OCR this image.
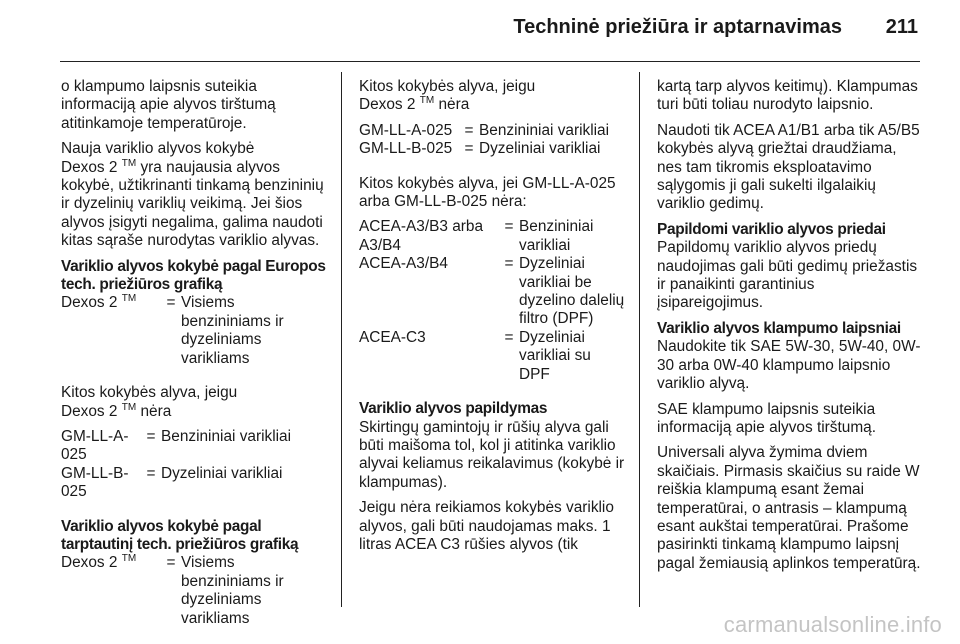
Techninė priežiūra ir aptarnavimas 211

o klampumo laipsnis suteikia informaciją apie alyvos tirštumą atitinkamoje temperatūroje.

Nauja variklio alyvos kokybė
Dexos 2 ™ yra naujausia alyvos kokybė, užtikrinanti tinkamą benzininių ir dyzelinių variklių veikimą. Jei šios alyvos įsigyti negalima, galima naudoti kitas sąraše nurodytas variklio alyvas.

Variklio alyvos kokybė pagal Europos tech. priežiūros grafiką

Dexos 2 ™	=	Visiems benzininiams ir dyzeliniams varikliams

Kitos kokybės alyva, jeigu
Dexos 2 ™ nėra

GM-LL-A-025	=	Benzininiai varikliai
GM-LL-B-025	=	Dyzeliniai varikliai

Variklio alyvos kokybė pagal tarptautinį tech. priežiūros grafiką

Dexos 2 ™	=	Visiems benzininiams ir dyzeliniams varikliams

Kitos kokybės alyva, jeigu
Dexos 2 ™ nėra

GM-LL-A-025	=	Benzininiai varikliai
GM-LL-B-025	=	Dyzeliniai varikliai

Kitos kokybės alyva, jei GM-LL-A-025 arba GM-LL-B-025 nėra:

ACEA-A3/B3 arba A3/B4	=	Benzininiai varikliai
ACEA-A3/B4	=	Dyzeliniai varikliai be dyzelino dalelių filtro (DPF)
ACEA-C3	=	Dyzeliniai varikliai su DPF

Variklio alyvos papildymas

Skirtingų gamintojų ir rūšių alyva gali būti maišoma tol, kol ji atitinka variklio alyvai keliamus reikalavimus (kokybė ir klampumas).

Jeigu nėra reikiamos kokybės variklio alyvos, gali būti naudojamas maks. 1 litras ACEA C3 rūšies alyvos (tik

kartą tarp alyvos keitimų). Klampumas turi būti toliau nurodyto laipsnio.

Naudoti tik ACEA A1/B1 arba tik A5/B5 kokybės alyvą griežtai draudžiama, nes tam tikromis eksploatavimo sąlygomis ji gali sukelti ilgalaikių variklio gedimų.

Papildomi variklio alyvos priedai

Papildomų variklio alyvos priedų naudojimas gali būti gedimų priežastis ir panaikinti garantinius įsipareigojimus.

Variklio alyvos klampumo laipsniai

Naudokite tik SAE 5W-30, 5W-40, 0W-30 arba 0W-40 klampumo laipsnio variklio alyvą.

SAE klampumo laipsnis suteikia informaciją apie alyvos tirštumą.

Universali alyva žymima dviem skaičiais. Pirmasis skaičius su raide W reiškia klampumą esant žemai temperatūrai, o antrasis – klampumą esant aukštai temperatūrai. Prašome pasirinkti tinkamą klampumo laipsnį pagal žemiausią aplinkos temperatūrą.

carmanualsonline.info
